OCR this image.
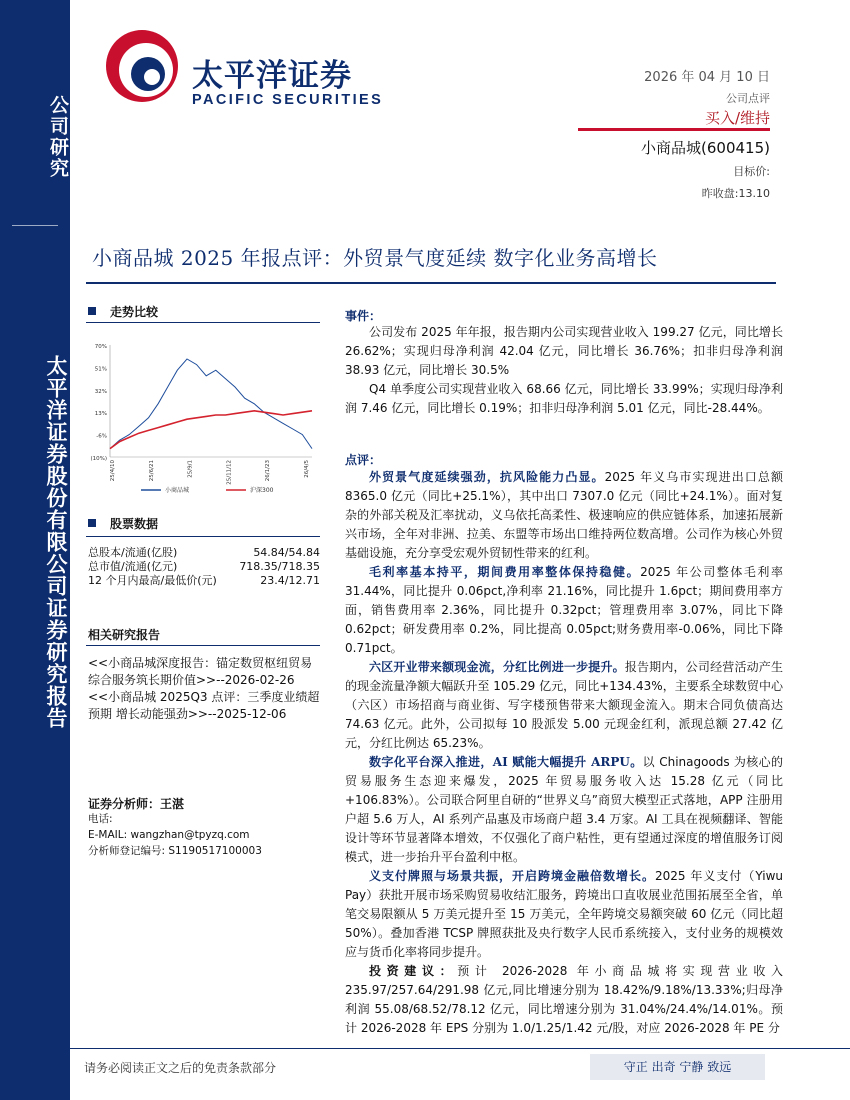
公司研究
太平洋证券股份有限公司证券研究报告
太平洋证券
PACIFIC SECURITIES
2026 年 04 月 10 日
公司点评
买入/维持
小商品城(600415)
目标价:
昨收盘:13.10
小商品城 2025 年报点评：外贸景气度延续 数字化业务高增长
走势比较
70%
51%
32%
13%
-6%
(10%)
25/4/10	25/6/21	25/9/1	25/11/12	26/1/23	26/4/5
小商品城	沪深300
股票数据
总股本/流通(亿股)	54.84/54.84
总市值/流通(亿元)	718.35/718.35
12 个月内最高/最低价(元)	23.4/12.71
相关研究报告
<<小商品城深度报告：锚定数贸枢纽贸易综合服务筑长期价值>>--2026-02-26
<<小商品城 2025Q3 点评：三季度业绩超预期 增长动能强劲>>--2025-12-06
证券分析师：王湛
电话:
E-MAIL: wangzhan@tpyzq.com
分析师登记编号: S1190517100003
事件：

公司发布 2025 年年报，报告期内公司实现营业收入 199.27 亿元，同比增长 26.62%；实现归母净利润 42.04 亿元，同比增长 36.76%；扣非归母净利润 38.93 亿元，同比增长 30.5%

Q4 单季度公司实现营业收入 68.66 亿元，同比增长 33.99%；实现归母净利润 7.46 亿元，同比增长 0.19%；扣非归母净利润 5.01 亿元，同比-28.44%。

点评：

外贸景气度延续强劲，抗风险能力凸显。2025 年义乌市实现进出口总额 8365.0 亿元（同比+25.1%），其中出口 7307.0 亿元（同比+24.1%）。面对复杂的外部关税及汇率扰动，义乌依托高柔性、极速响应的供应链体系，加速拓展新兴市场，全年对非洲、拉美、东盟等市场出口维持两位数高增。公司作为核心外贸基础设施，充分享受宏观外贸韧性带来的红利。

毛利率基本持平，期间费用率整体保持稳健。2025 年公司整体毛利率 31.44%，同比提升 0.06pct,净利率 21.16%，同比提升 1.6pct；期间费用率方面，销售费用率 2.36%，同比提升 0.32pct；管理费用率 3.07%，同比下降 0.62pct；研发费用率 0.2%，同比提高 0.05pct;财务费用率-0.06%，同比下降 0.71pct。

六区开业带来额现金流，分红比例进一步提升。报告期内，公司经营活动产生的现金流量净额大幅跃升至 105.29 亿元，同比+134.43%，主要系全球数贸中心（六区）市场招商与商业街、写字楼预售带来大额现金流入。期末合同负债高达 74.63 亿元。此外，公司拟每 10 股派发 5.00 元现金红利，派现总额 27.42 亿元，分红比例达 65.23%。

数字化平台深入推进，AI 赋能大幅提升 ARPU。以 Chinagoods 为核心的贸易服务生态迎来爆发，2025 年贸易服务收入达 15.28 亿元（同比+106.83%）。公司联合阿里自研的“世界义乌”商贸大模型正式落地，APP 注册用户超 5.6 万人，AI 系列产品惠及市场商户超 3.4 万家。AI 工具在视频翻译、智能设计等环节显著降本增效，不仅强化了商户粘性，更有望通过深度的增值服务订阅模式，进一步抬升平台盈利中枢。

义支付牌照与场景共振，开启跨境金融倍数增长。2025 年义支付（Yiwu Pay）获批开展市场采购贸易收结汇服务，跨境出口直收展业范围拓展至全省，单笔交易限额从 5 万美元提升至 15 万美元，全年跨境交易额突破 60 亿元（同比超 50%）。叠加香港 TCSP 牌照获批及央行数字人民币系统接入，支付业务的规模效应与货币化率将同步提升。

投资建议：预计 2026-2028 年小商品城将实现营业收入 235.97/257.64/291.98 亿元,同比增速分别为 18.42%/9.18%/13.33%;归母净利润 55.08/68.52/78.12 亿元，同比增速分别为 31.04%/24.4%/14.01%。预计 2026-2028 年 EPS 分别为 1.0/1.25/1.42 元/股，对应 2026-2028 年 PE 分

请务必阅读正文之后的免责条款部分	守正 出奇 宁静 致远
